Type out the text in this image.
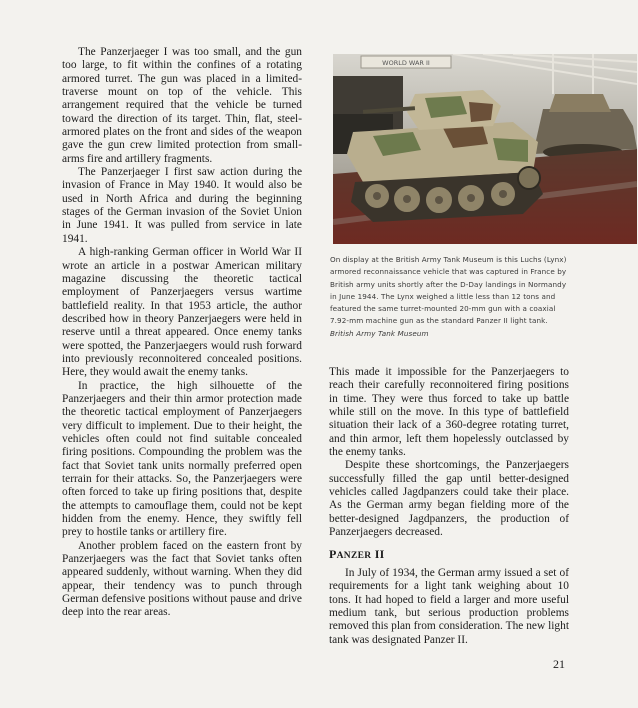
The Panzerjaeger I was too small, and the gun too large, to fit within the confines of a rotating armored turret. The gun was placed in a limited-traverse mount on top of the vehicle. This arrangement required that the vehicle be turned toward the direction of its target. Thin, flat, steel-armored plates on the front and sides of the weapon gave the gun crew limited protection from small-arms fire and artillery fragments.

The Panzerjaeger I first saw action during the invasion of France in May 1940. It would also be used in North Africa and during the beginning stages of the German invasion of the Soviet Union in June 1941. It was pulled from service in late 1941.

A high-ranking German officer in World War II wrote an article in a postwar American military magazine discussing the theoretic tactical employment of Panzerjaegers versus wartime battlefield reality. In that 1953 article, the author described how in theory Panzerjaegers were held in reserve until a threat appeared. Once enemy tanks were spotted, the Panzerjaegers would rush forward into previously reconnoitered concealed positions. Here, they would await the enemy tanks.

In practice, the high silhouette of the Panzerjaegers and their thin armor protection made the theoretic tactical employment of Panzerjaegers very difficult to implement. Due to their height, the vehicles often could not find suitable concealed firing positions. Compounding the problem was the fact that Soviet tank units normally preferred open terrain for their attacks. So, the Panzerjaegers were often forced to take up firing positions that, despite the attempts to camouflage them, could not be kept hidden from the enemy. Hence, they swiftly fell prey to hostile tanks or artillery fire.

Another problem faced on the eastern front by Panzerjaegers was the fact that Soviet tanks often appeared suddenly, without warning. When they did appear, their tendency was to punch through German defensive positions without pause and drive deep into the rear areas.

WORLD WAR II
On display at the British Army Tank Museum is this Luchs (Lynx) armored reconnaissance vehicle that was captured in France by British army units shortly after the D-Day landings in Normandy in June 1944. The Lynx weighed a little less than 12 tons and featured the same turret-mounted 20-mm gun with a coaxial 7.92-mm machine gun as the standard Panzer II light tank. British Army Tank Museum

This made it impossible for the Panzerjaegers to reach their carefully reconnoitered firing positions in time. They were thus forced to take up battle while still on the move. In this type of battlefield situation their lack of a 360-degree rotating turret, and thin armor, left them hopelessly outclassed by the enemy tanks.

Despite these shortcomings, the Panzerjaegers successfully filled the gap until better-designed vehicles called Jagdpanzers could take their place. As the German army began fielding more of the better-designed Jagdpanzers, the production of Panzerjaegers decreased.

PANZER II

In July of 1934, the German army issued a set of requirements for a light tank weighing about 10 tons. It had hoped to field a larger and more useful medium tank, but serious production problems removed this plan from consideration. The new light tank was designated Panzer II.

21
